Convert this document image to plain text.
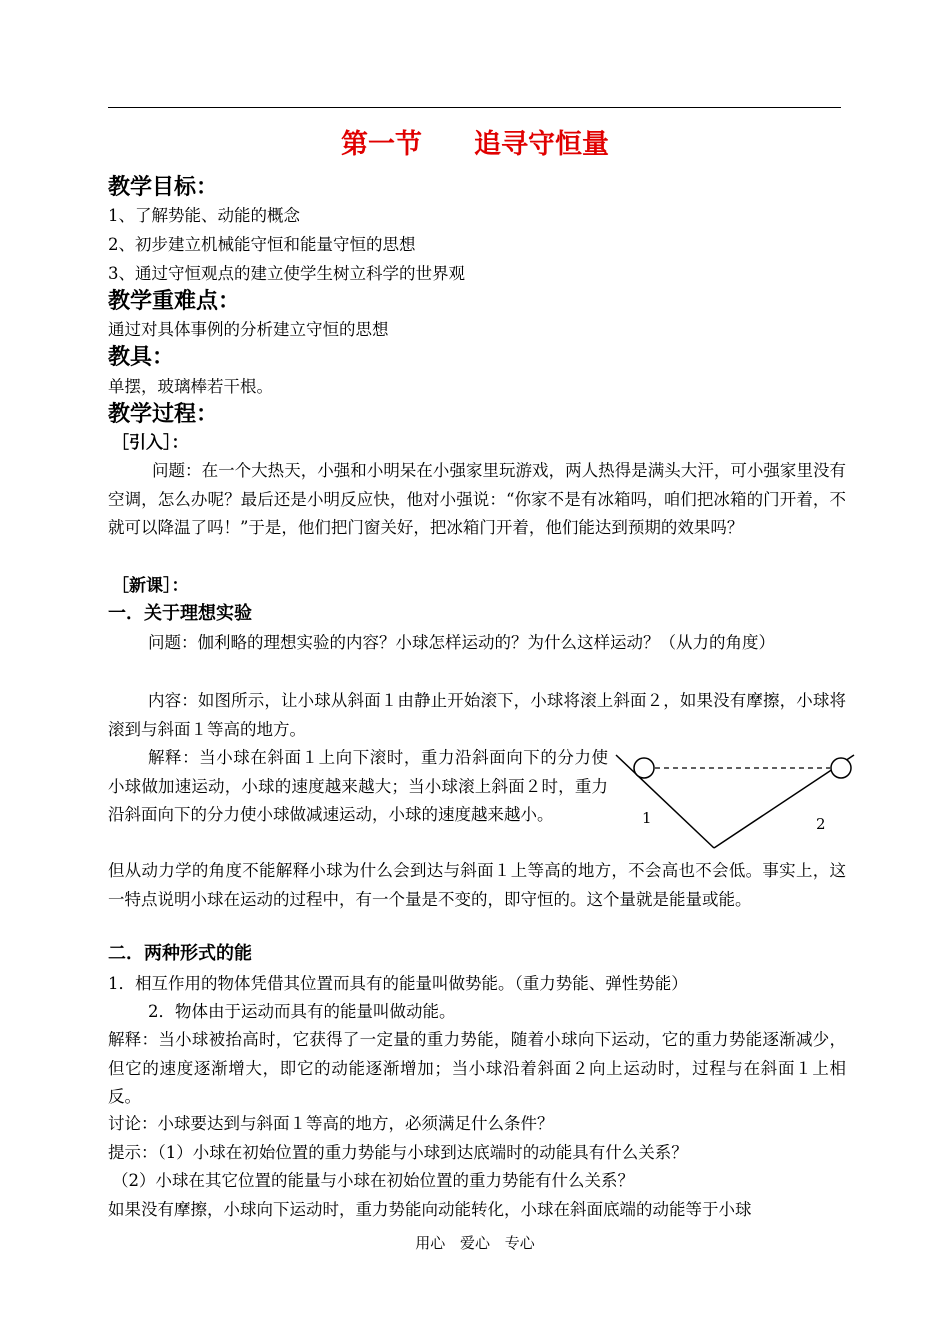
第一节 追寻守恒量
教学目标：
1、了解势能、动能的概念
2、初步建立机械能守恒和能量守恒的思想
3、通过守恒观点的建立使学生树立科学的世界观
教学重难点：
通过对具体事例的分析建立守恒的思想
教具：
单摆，玻璃棒若干根。
教学过程：
［引入］：
问题：在一个大热天，小强和小明呆在小强家里玩游戏，两人热得是满头大汗，可小强家里没有空调，怎么办呢？最后还是小明反应快，他对小强说：“你家不是有冰箱吗，咱们把冰箱的门开着，不就可以降温了吗！”于是，他们把门窗关好，把冰箱门开着，他们能达到预期的效果吗？
［新课］：
一．关于理想实验
问题：伽利略的理想实验的内容？小球怎样运动的？为什么这样运动？（从力的角度）
内容：如图所示，让小球从斜面１由静止开始滚下，小球将滚上斜面２，如果没有摩擦，小球将滚到与斜面１等高的地方。
解释：当小球在斜面１上向下滚时，重力沿斜面向下的分力使小球做加速运动，小球的速度越来越大；当小球滚上斜面２时，重力沿斜面向下的分力使小球做减速运动，小球的速度越来越小。	1	2
但从动力学的角度不能解释小球为什么会到达与斜面１上等高的地方，不会高也不会低。事实上，这一特点说明小球在运动的过程中，有一个量是不变的，即守恒的。这个量就是能量或能。
二．两种形式的能
1．相互作用的物体凭借其位置而具有的能量叫做势能。（重力势能、弹性势能）
2．物体由于运动而具有的能量叫做动能。
解释：当小球被抬高时，它获得了一定量的重力势能，随着小球向下运动，它的重力势能逐渐减少，但它的速度逐渐增大，即它的动能逐渐增加；当小球沿着斜面２向上运动时，过程与在斜面１上相反。
讨论：小球要达到与斜面１等高的地方，必须满足什么条件？
提示：（1）小球在初始位置的重力势能与小球到达底端时的动能具有什么关系？
（2）小球在其它位置的能量与小球在初始位置的重力势能有什么关系？
如果没有摩擦，小球向下运动时，重力势能向动能转化，小球在斜面底端的动能等于小球
用心 爱心 专心
